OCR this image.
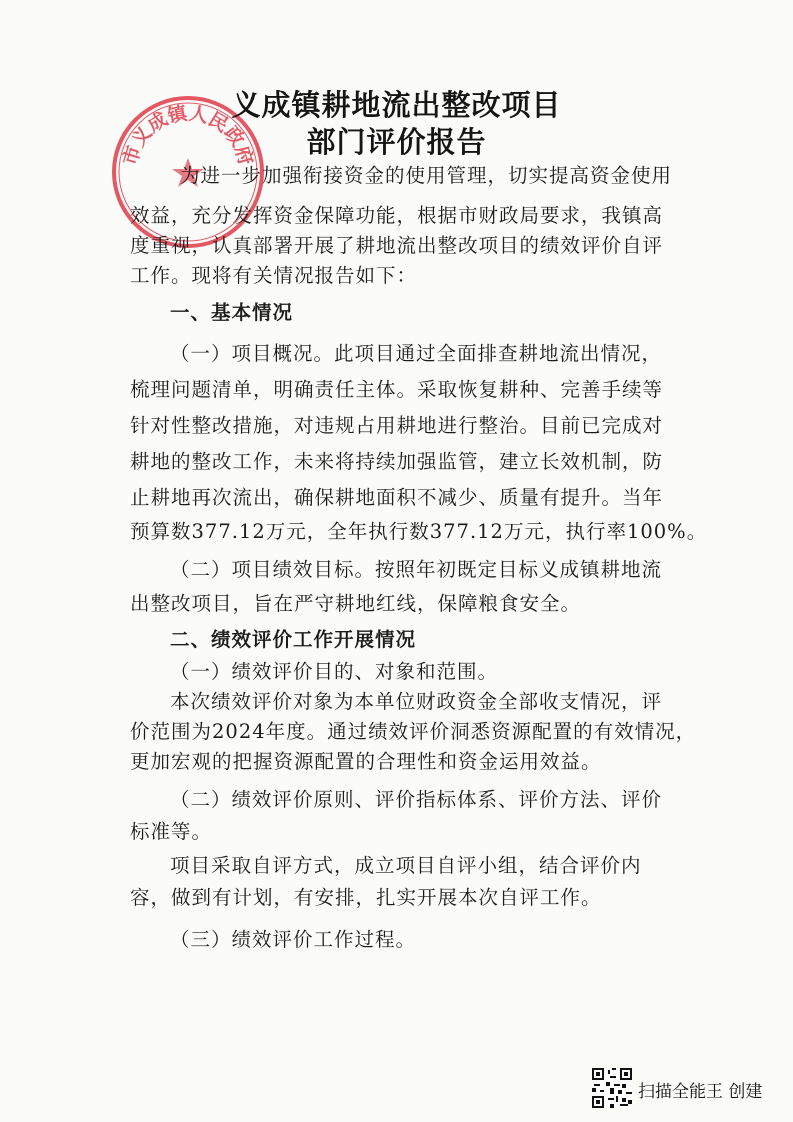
市义成镇人民政府
义成镇耕地流出整改项目
部门评价报告
为进一步加强衔接资金的使用管理，切实提高资金使用
效益，充分发挥资金保障功能，根据市财政局要求，我镇高
度重视，认真部署开展了耕地流出整改项目的绩效评价自评
工作。现将有关情况报告如下：
一、基本情况
（一）项目概况。此项目通过全面排查耕地流出情况，
梳理问题清单，明确责任主体。采取恢复耕种、完善手续等
针对性整改措施，对违规占用耕地进行整治。目前已完成对
耕地的整改工作，未来将持续加强监管，建立长效机制，防
止耕地再次流出，确保耕地面积不减少、质量有提升。当年
预算数377.12万元，全年执行数377.12万元，执行率100%。
（二）项目绩效目标。按照年初既定目标义成镇耕地流
出整改项目，旨在严守耕地红线，保障粮食安全。
二、绩效评价工作开展情况
（一）绩效评价目的、对象和范围。
本次绩效评价对象为本单位财政资金全部收支情况，评
价范围为2024年度。通过绩效评价洞悉资源配置的有效情况，
更加宏观的把握资源配置的合理性和资金运用效益。
（二）绩效评价原则、评价指标体系、评价方法、评价
标准等。
项目采取自评方式，成立项目自评小组，结合评价内
容，做到有计划，有安排，扎实开展本次自评工作。
（三）绩效评价工作过程。
扫描全能王 创建
